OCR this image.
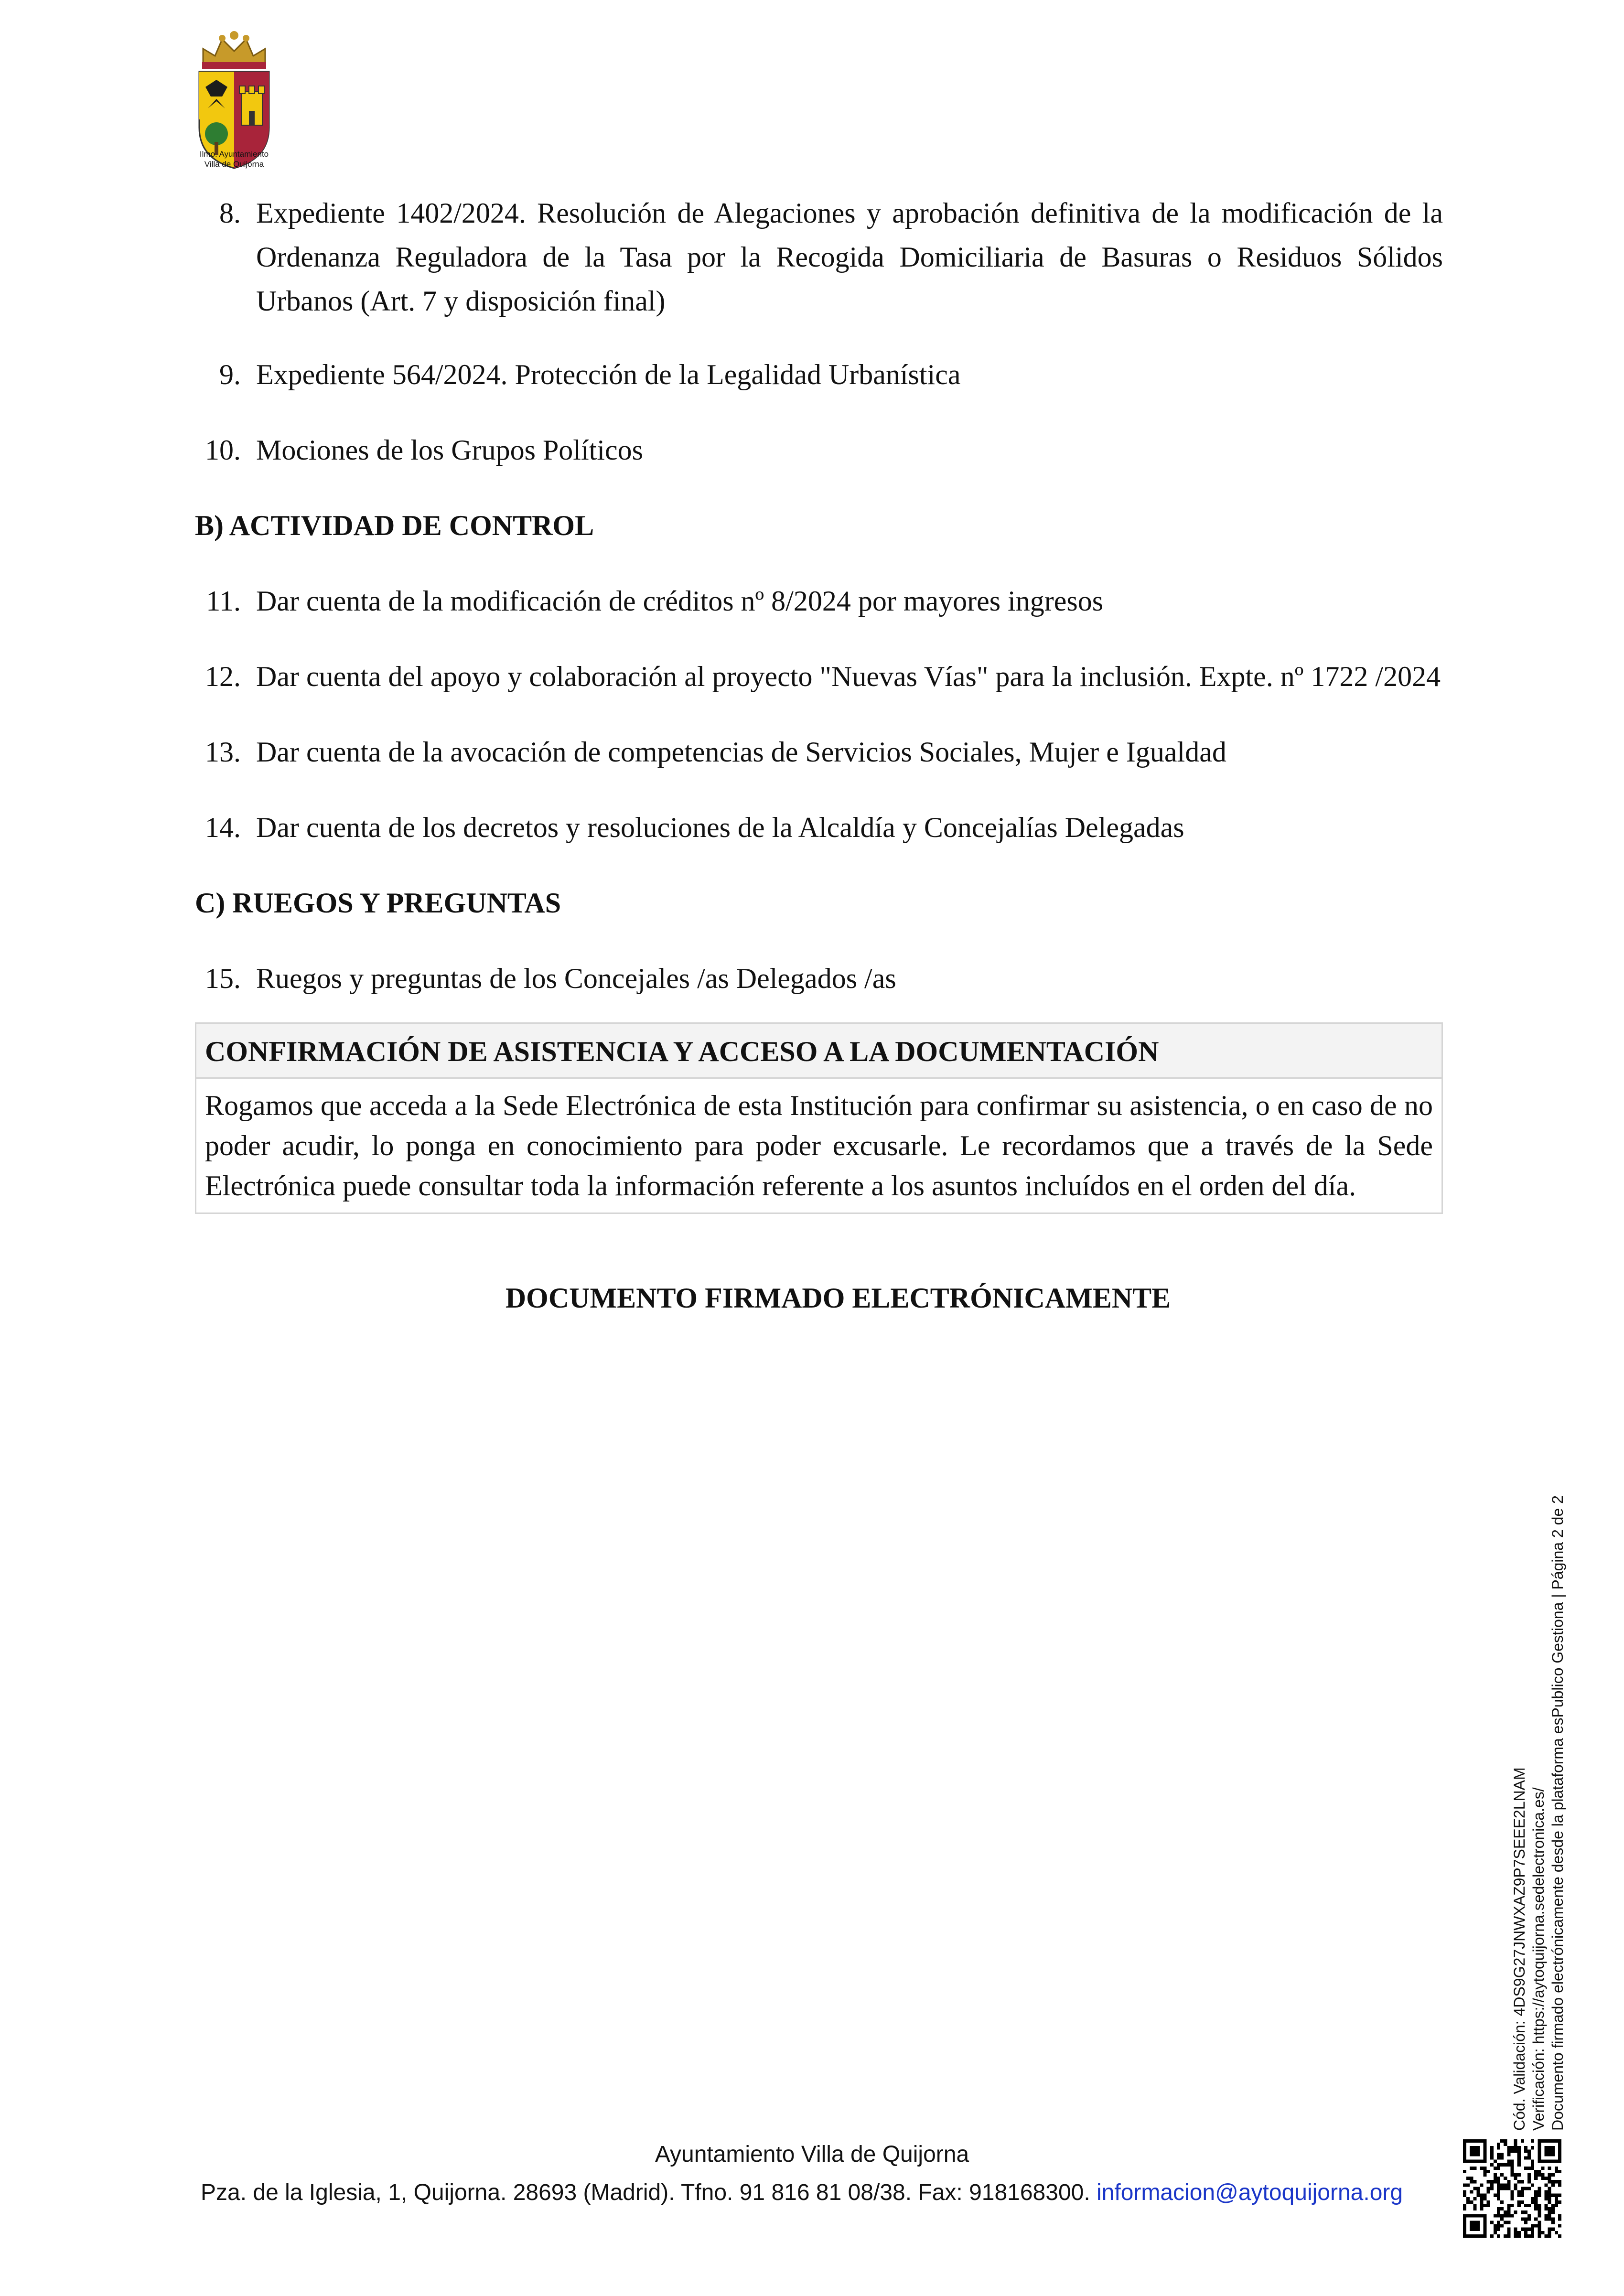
Ilmo. Ayuntamiento
Villa de Quijorna
8. Expediente 1402/2024. Resolución de Alegaciones y aprobación definitiva de la modificación de la Ordenanza Reguladora de la Tasa por la Recogida Domiciliaria de Basuras o Residuos Sólidos Urbanos (Art. 7 y disposición final)
9. Expediente 564/2024. Protección de la Legalidad Urbanística
10. Mociones de los Grupos Políticos
B) ACTIVIDAD DE CONTROL
11. Dar cuenta de la modificación de créditos nº 8/2024 por mayores ingresos
12. Dar cuenta del apoyo y colaboración al proyecto "Nuevas Vías" para la inclusión. Expte. nº 1722 /2024
13. Dar cuenta de la avocación de competencias de Servicios Sociales, Mujer e Igualdad
14. Dar cuenta de los decretos y resoluciones de la Alcaldía y Concejalías Delegadas
C) RUEGOS Y PREGUNTAS
15. Ruegos y preguntas de los Concejales /as Delegados /as
CONFIRMACIÓN DE ASISTENCIA Y ACCESO A LA DOCUMENTACIÓN
Rogamos que acceda a la Sede Electrónica de esta Institución para confirmar su asistencia, o en caso de no poder acudir, lo ponga en conocimiento para poder excusarle. Le recordamos que a través de la Sede Electrónica puede consultar toda la información referente a los asuntos incluídos en el orden del día.
DOCUMENTO FIRMADO ELECTRÓNICAMENTE
Cód. Validación: 4DS9G27JNWXAZ9P7SEEE2LNAM Verificación: https://aytoquijorna.sedelectronica.es/ Documento firmado electrónicamente desde la plataforma esPublico Gestiona | Página 2 de 2
Ayuntamiento Villa de Quijorna
Pza. de la Iglesia, 1, Quijorna. 28693 (Madrid). Tfno. 91 816 81 08/38. Fax: 918168300. informacion@aytoquijorna.org
